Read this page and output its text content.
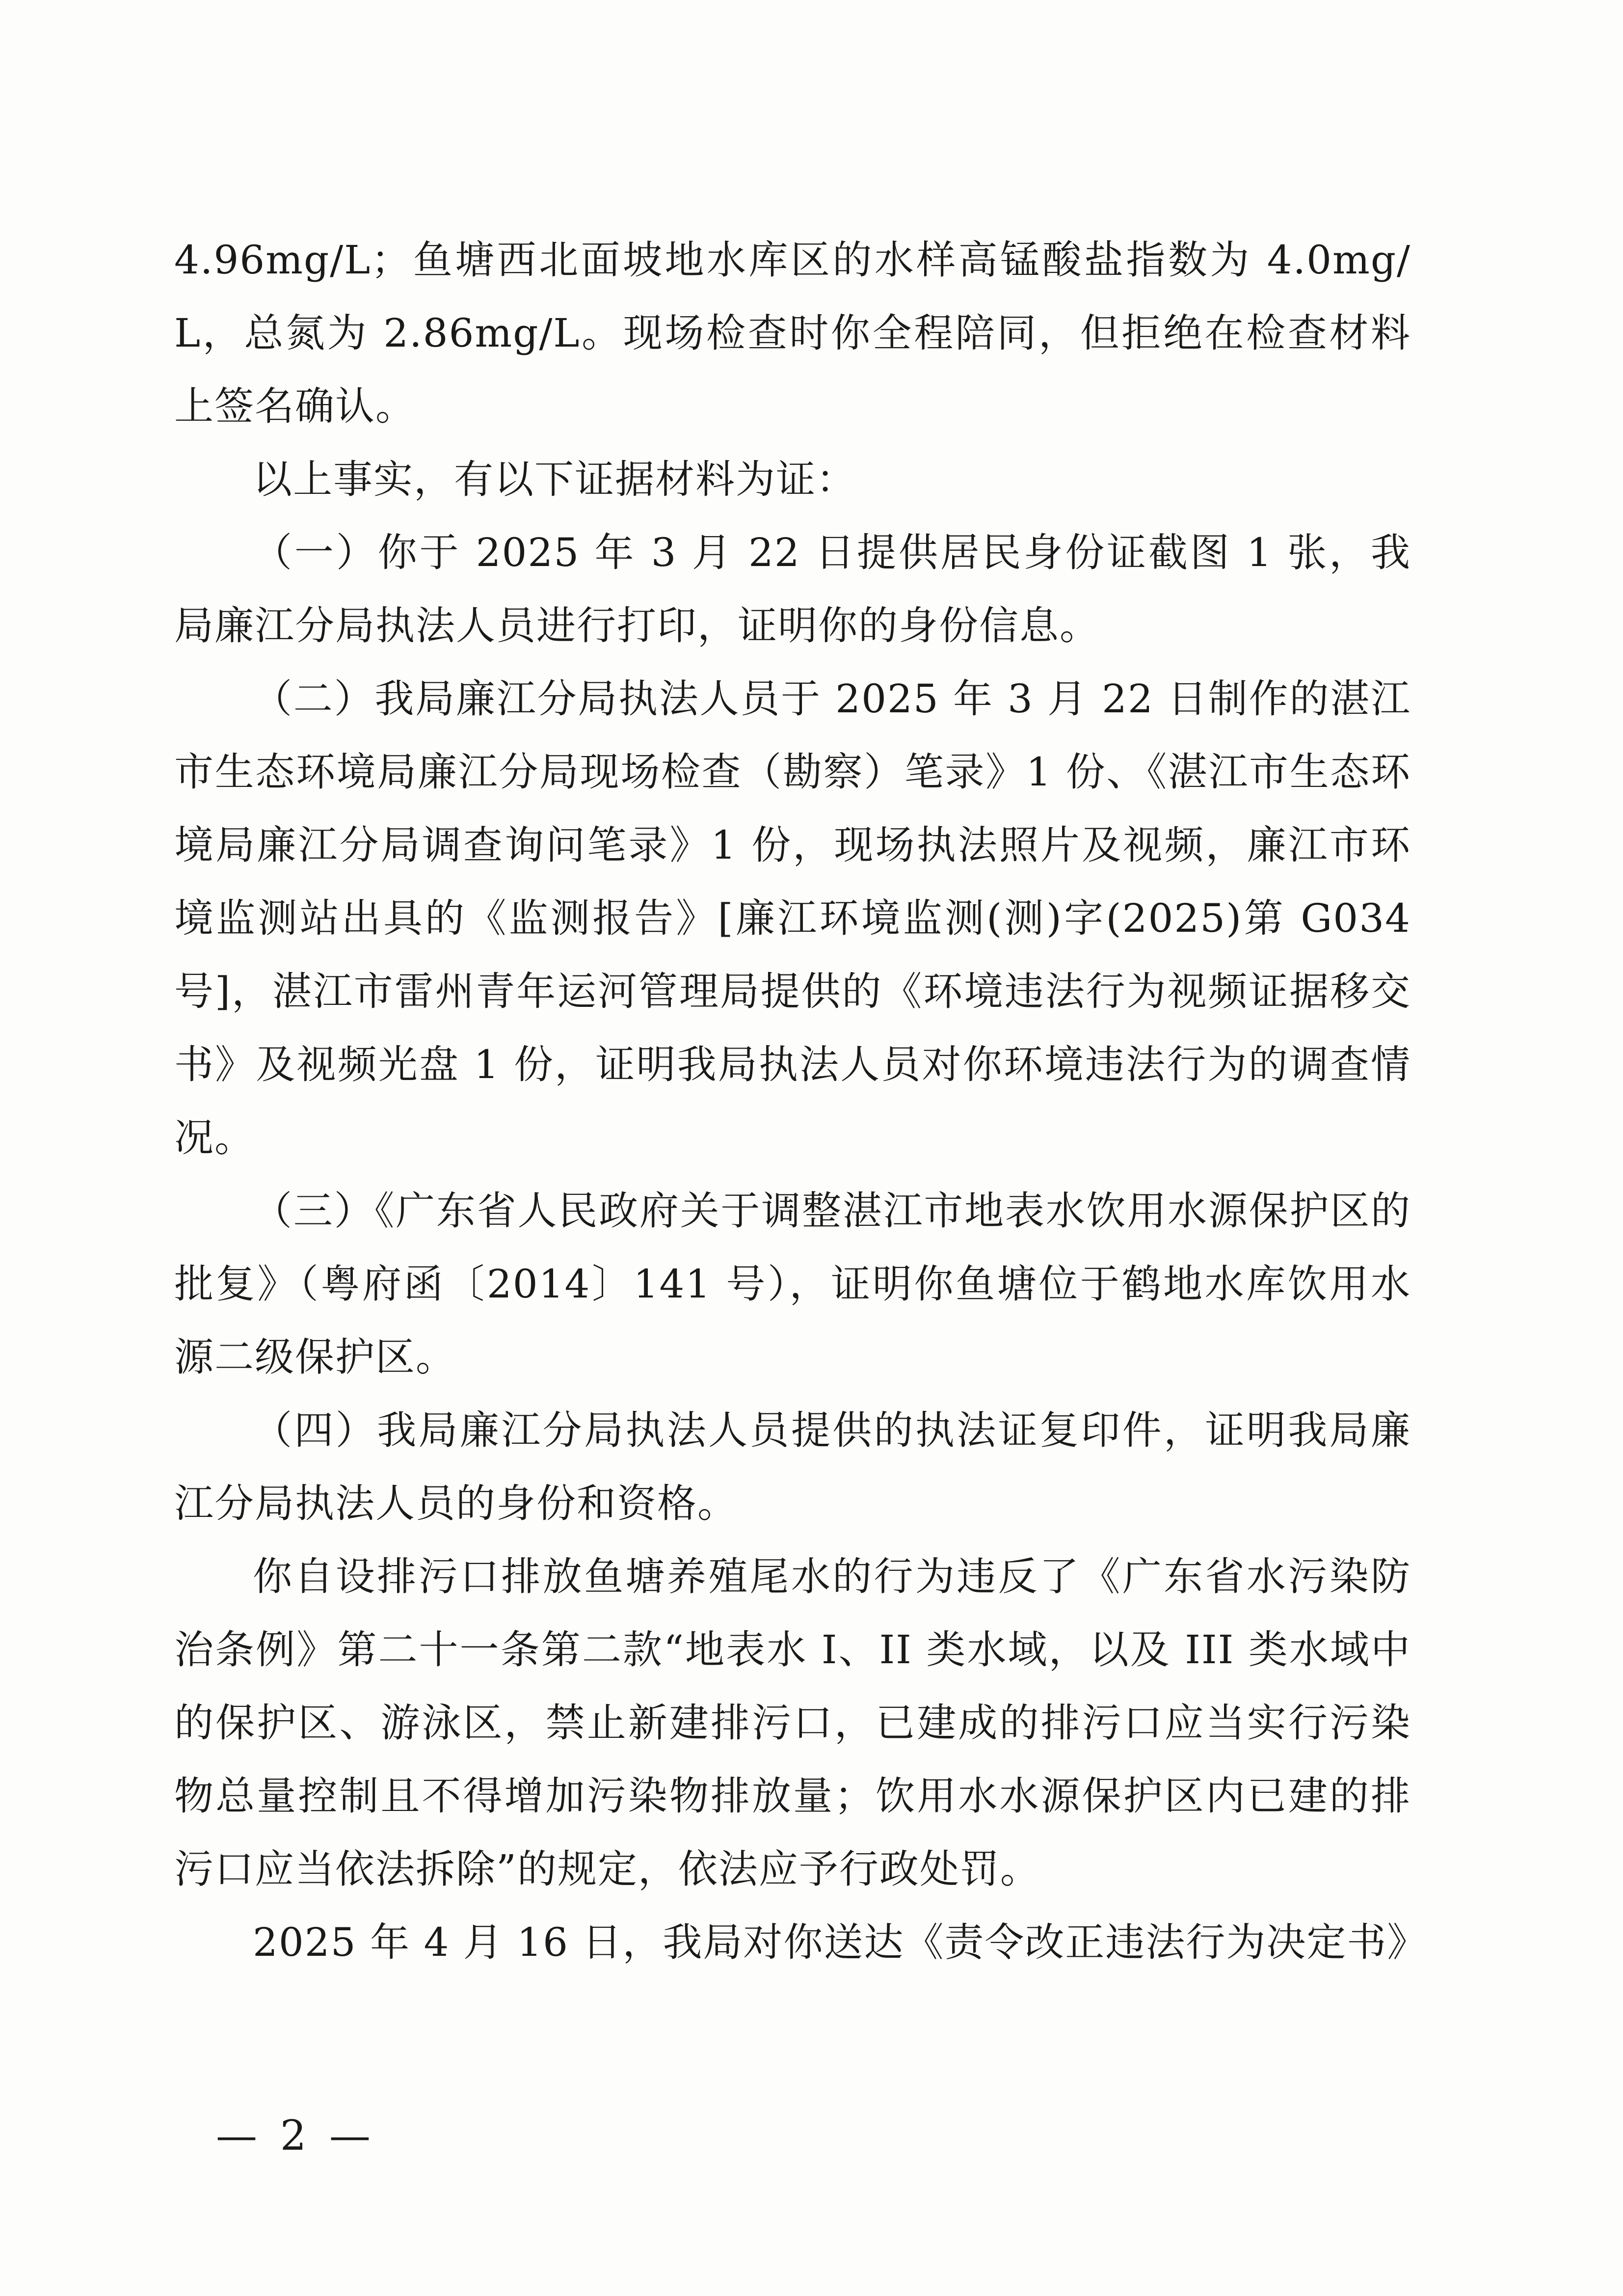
4.96mg/L；鱼塘西北面坡地水库区的水样高锰酸盐指数为 4.0mg/L，总氮为 2.86mg/L。现场检查时你全程陪同，但拒绝在检查材料上签名确认。

以上事实，有以下证据材料为证：

（一）你于 2025 年 3 月 22 日提供居民身份证截图 1 张，我局廉江分局执法人员进行打印，证明你的身份信息。

（二）我局廉江分局执法人员于 2025 年 3 月 22 日制作的湛江市生态环境局廉江分局现场检查（勘察）笔录》1 份、《湛江市生态环境局廉江分局调查询问笔录》1 份，现场执法照片及视频，廉江市环境监测站出具的《监测报告》[廉江环境监测(测)字(2025)第 G034 号]，湛江市雷州青年运河管理局提供的《环境违法行为视频证据移交书》及视频光盘 1 份，证明我局执法人员对你环境违法行为的调查情况。

（三）《广东省人民政府关于调整湛江市地表水饮用水源保护区的批复》（粤府函〔2014〕141 号），证明你鱼塘位于鹤地水库饮用水源二级保护区。

（四）我局廉江分局执法人员提供的执法证复印件，证明我局廉江分局执法人员的身份和资格。

你自设排污口排放鱼塘养殖尾水的行为违反了《广东省水污染防治条例》第二十一条第二款“地表水 I、II 类水域，以及 III 类水域中的保护区、游泳区，禁止新建排污口，已建成的排污口应当实行污染物总量控制且不得增加污染物排放量；饮用水水源保护区内已建的排污口应当依法拆除”的规定，依法应予行政处罚。

2025 年 4 月 16 日，我局对你送达《责令改正违法行为决定书》

— 2 —
